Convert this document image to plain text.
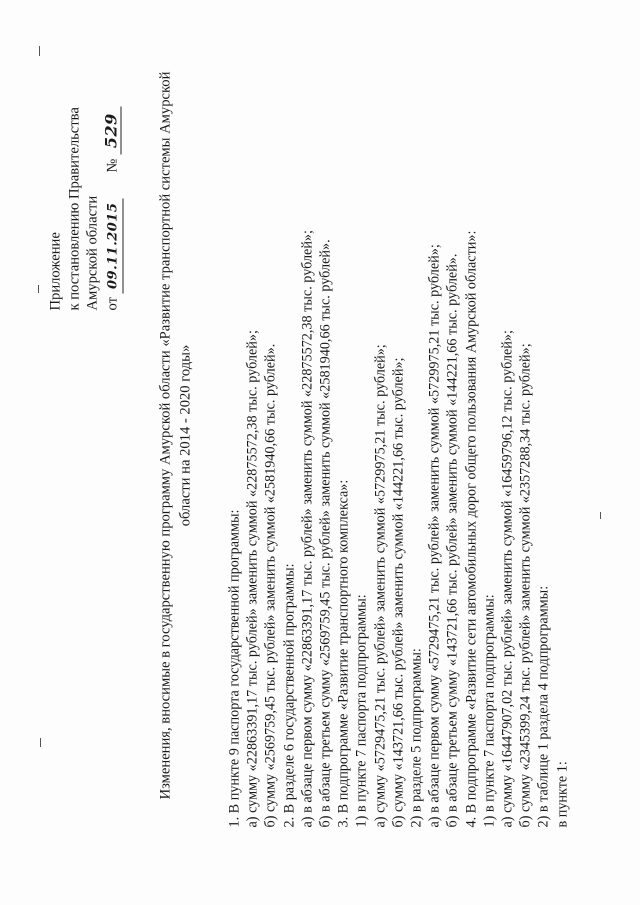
Приложение к постановлению Правительства Амурской области от
09.11.2015
№
529	Изменения, вносимые в государственную программу Амурской области «Развитие транспортной системы Амурской области на 2014 - 2020 годы»
1. В пункте 9 паспорта государственной программы: а) сумму «22863391,17 тыс. рублей» заменить суммой «22875572,38 тыс. рублей»; б) сумму «2569759,45 тыс. рублей» заменить суммой «2581940,66 тыс. рублей». 2. В разделе 6 государственной программы: а) в абзаце первом сумму «22863391,17 тыс. рублей» заменить суммой «22875572,38 тыс. рублей»; б) в абзаце третьем сумму «2569759,45 тыс. рублей» заменить суммой «2581940,66 тыс. рублей». 3. В подпрограмме «Развитие транспортного комплекса»: 1) в пункте 7 паспорта подпрограммы: а) сумму «5729475,21 тыс. рублей» заменить суммой «5729975,21 тыс. рублей»; б) сумму «143721,66 тыс. рублей» заменить суммой «144221,66 тыс. рублей»; 2) в разделе 5 подпрограммы: а) в абзаце первом сумму «5729475,21 тыс. рублей» заменить суммой «5729975,21 тыс. рублей»; б) в абзаце третьем сумму «143721,66 тыс. рублей» заменить суммой «144221,66 тыс. рублей». 4. В подпрограмме «Развитие сети автомобильных дорог общего пользования Амурской области»: 1) в пункте 7 паспорта подпрограммы: а) сумму «16447907,02 тыс. рублей» заменить суммой «16459796,12 тыс. рублей»; б) сумму «2345399,24 тыс. рублей» заменить суммой «2357288,34 тыс. рублей»; 2) в таблице 1 раздела 4 подпрограммы: в пункте 1:
